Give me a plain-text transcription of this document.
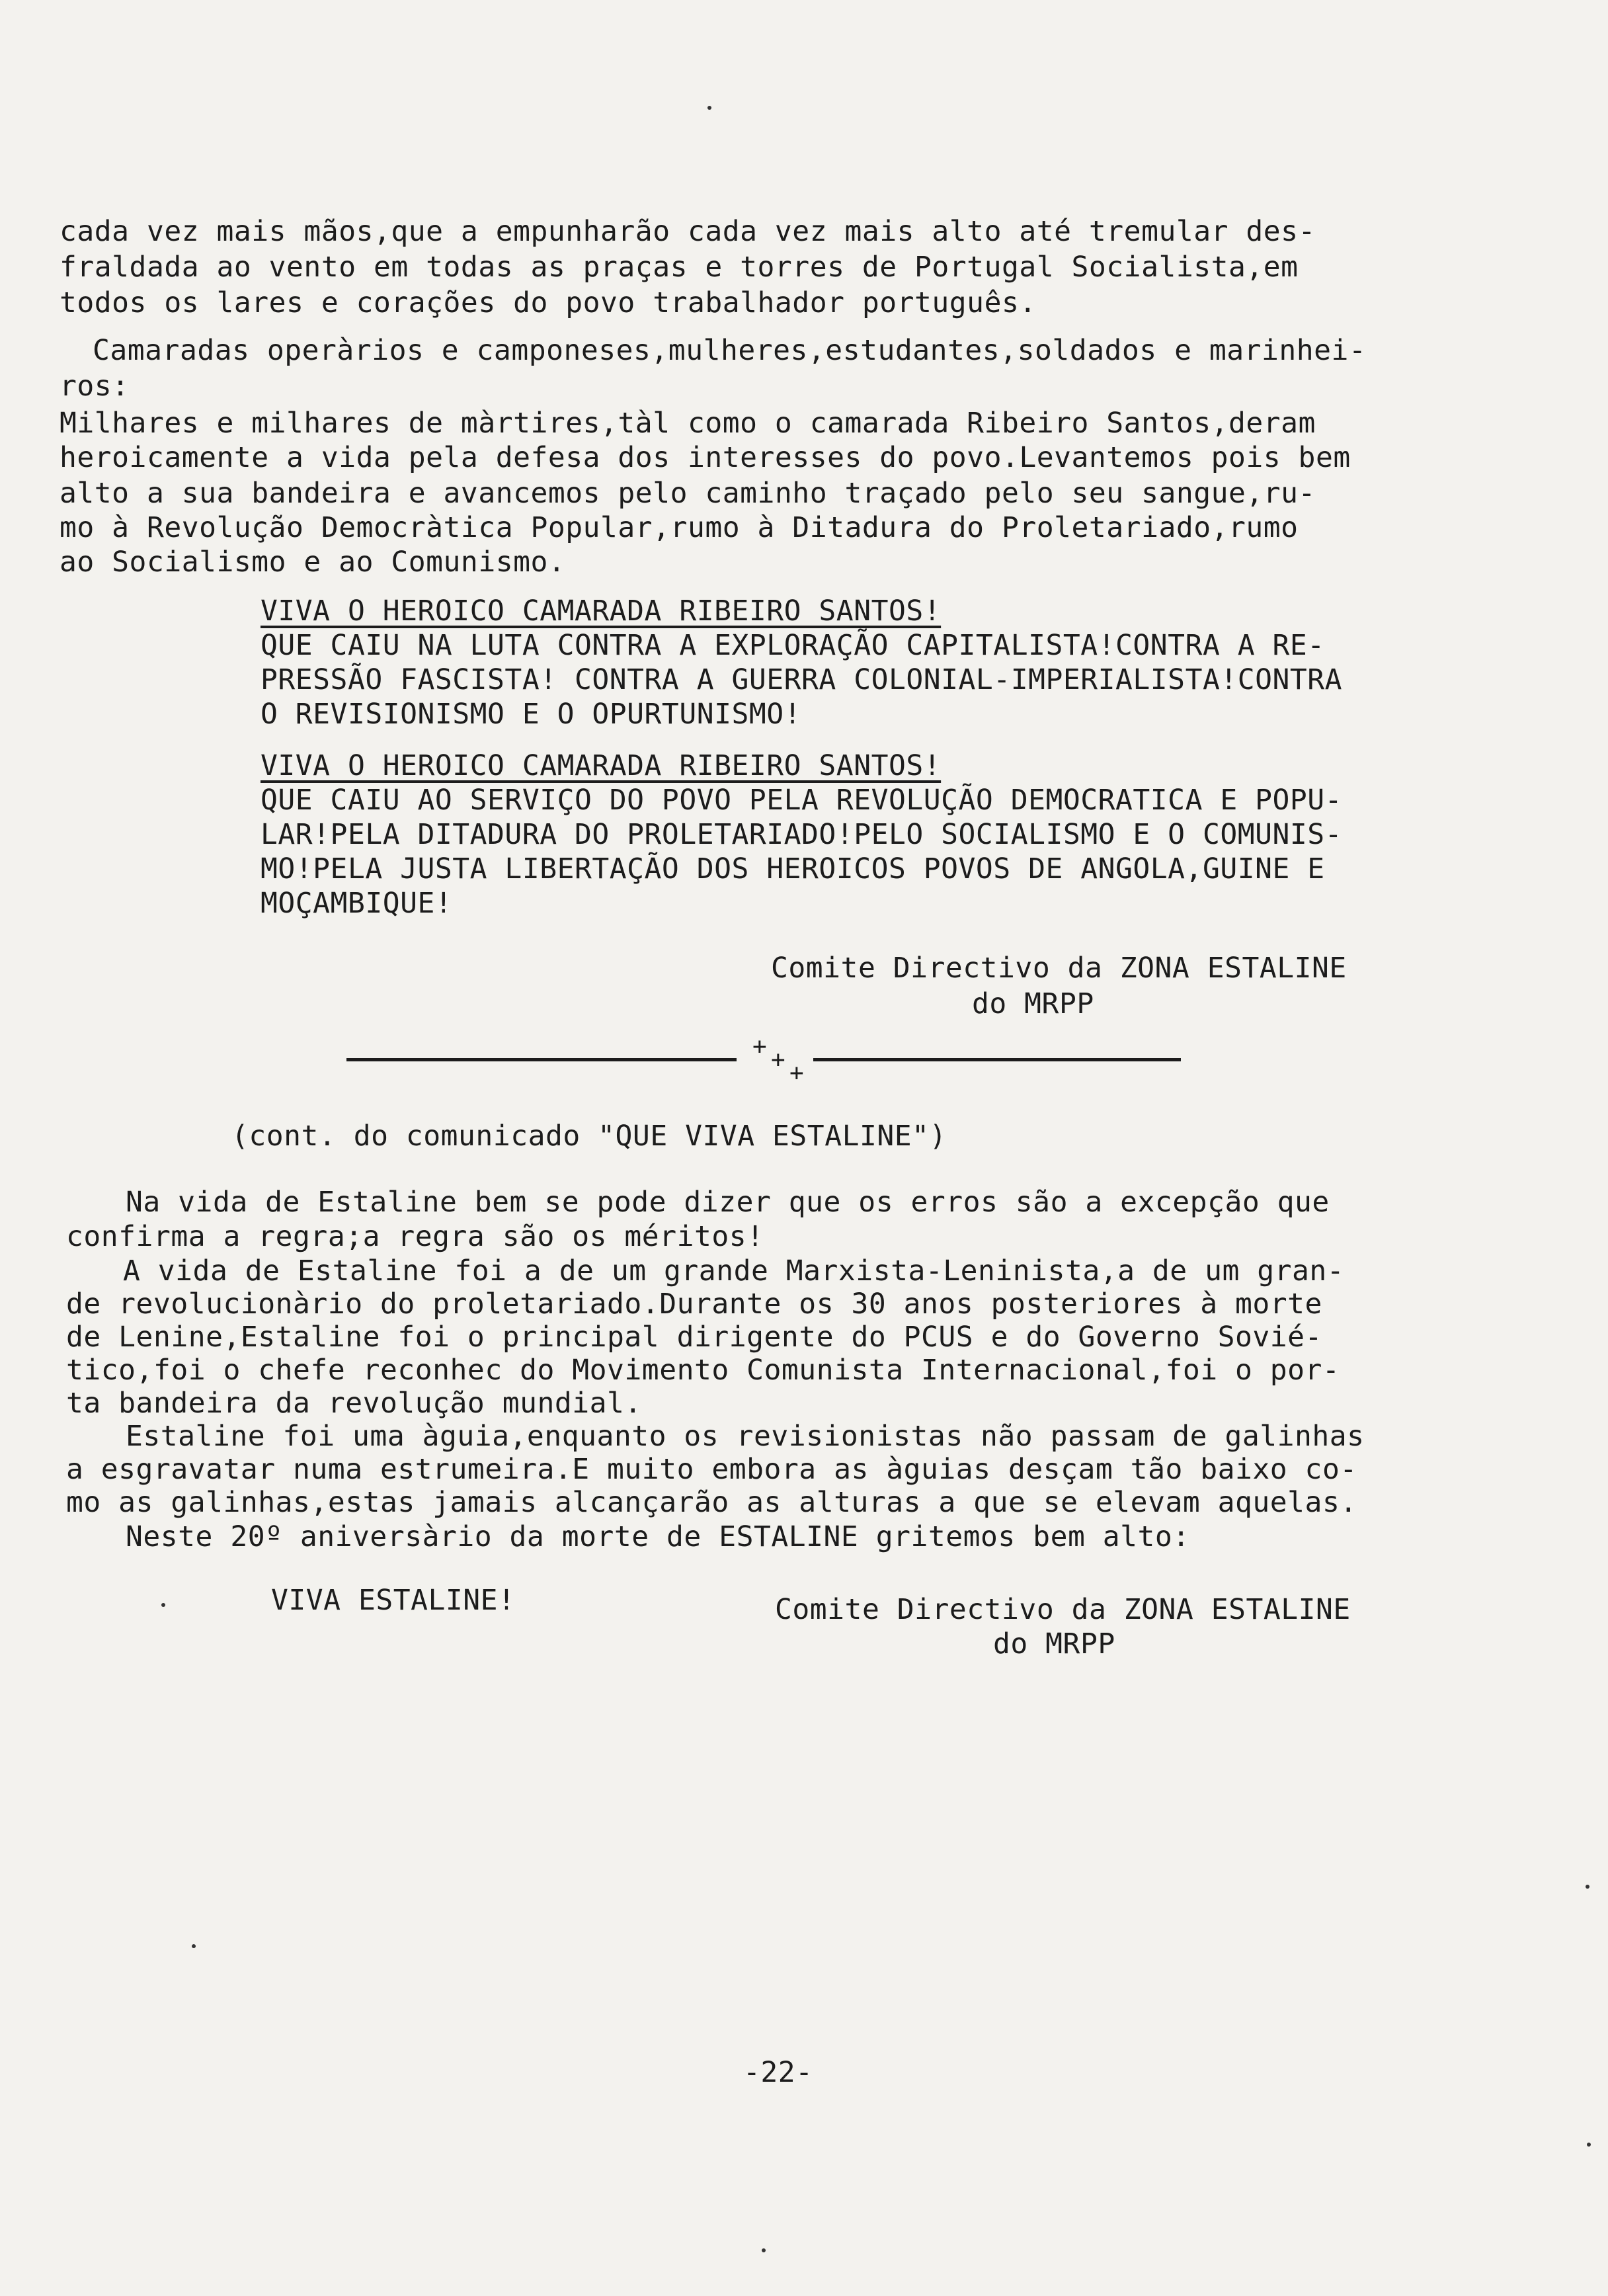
cada vez mais mãos,que a empunharão cada vez mais alto até tremular des-
fraldada ao vento em todas as praças e torres de Portugal Socialista,em
todos os lares e corações do povo trabalhador português.
Camaradas operàrios e camponeses,mulheres,estudantes,soldados e marinhei-
ros:
Milhares e milhares de màrtires,tàl como o camarada Ribeiro Santos,deram
heroicamente a vida pela defesa dos interesses do povo.Levantemos pois bem
alto a sua bandeira e avancemos pelo caminho traçado pelo seu sangue,ru-
mo à Revolução Democràtica Popular,rumo à Ditadura do Proletariado,rumo
ao Socialismo e ao Comunismo.
VIVA O HEROICO CAMARADA RIBEIRO SANTOS!
QUE CAIU NA LUTA CONTRA A EXPLORAÇÃO CAPITALISTA!CONTRA A RE-
PRESSÃO FASCISTA! CONTRA A GUERRA COLONIAL-IMPERIALISTA!CONTRA
O REVISIONISMO E O OPURTUNISMO!
VIVA O HEROICO CAMARADA RIBEIRO SANTOS!
QUE CAIU AO SERVIÇO DO POVO PELA REVOLUÇÃO DEMOCRATICA E POPU-
LAR!PELA DITADURA DO PROLETARIADO!PELO SOCIALISMO E O COMUNIS-
MO!PELA JUSTA LIBERTAÇÃO DOS HEROICOS POVOS DE ANGOLA,GUINE E
MOÇAMBIQUE!
Comite Directivo da ZONA ESTALINE
do MRPP
+ + +
(cont. do comunicado "QUE VIVA ESTALINE")
Na vida de Estaline bem se pode dizer que os erros são a excepção que
confirma a regra;a regra são os méritos!
A vida de Estaline foi a de um grande Marxista-Leninista,a de um gran-
de revolucionàrio do proletariado.Durante os 30 anos posteriores à morte
de Lenine,Estaline foi o principal dirigente do PCUS e do Governo Sovié-
tico,foi o chefe reconhec do Movimento Comunista Internacional,foi o por-
ta bandeira da revolução mundial.
Estaline foi uma àguia,enquanto os revisionistas não passam de galinhas
a esgravatar numa estrumeira.E muito embora as àguias desçam tão baixo co-
mo as galinhas,estas jamais alcançarão as alturas a que se elevam aquelas.
Neste 20º aniversàrio da morte de ESTALINE gritemos bem alto:
VIVA ESTALINE!	Comite Directivo da ZONA ESTALINE
do MRPP
-22-
